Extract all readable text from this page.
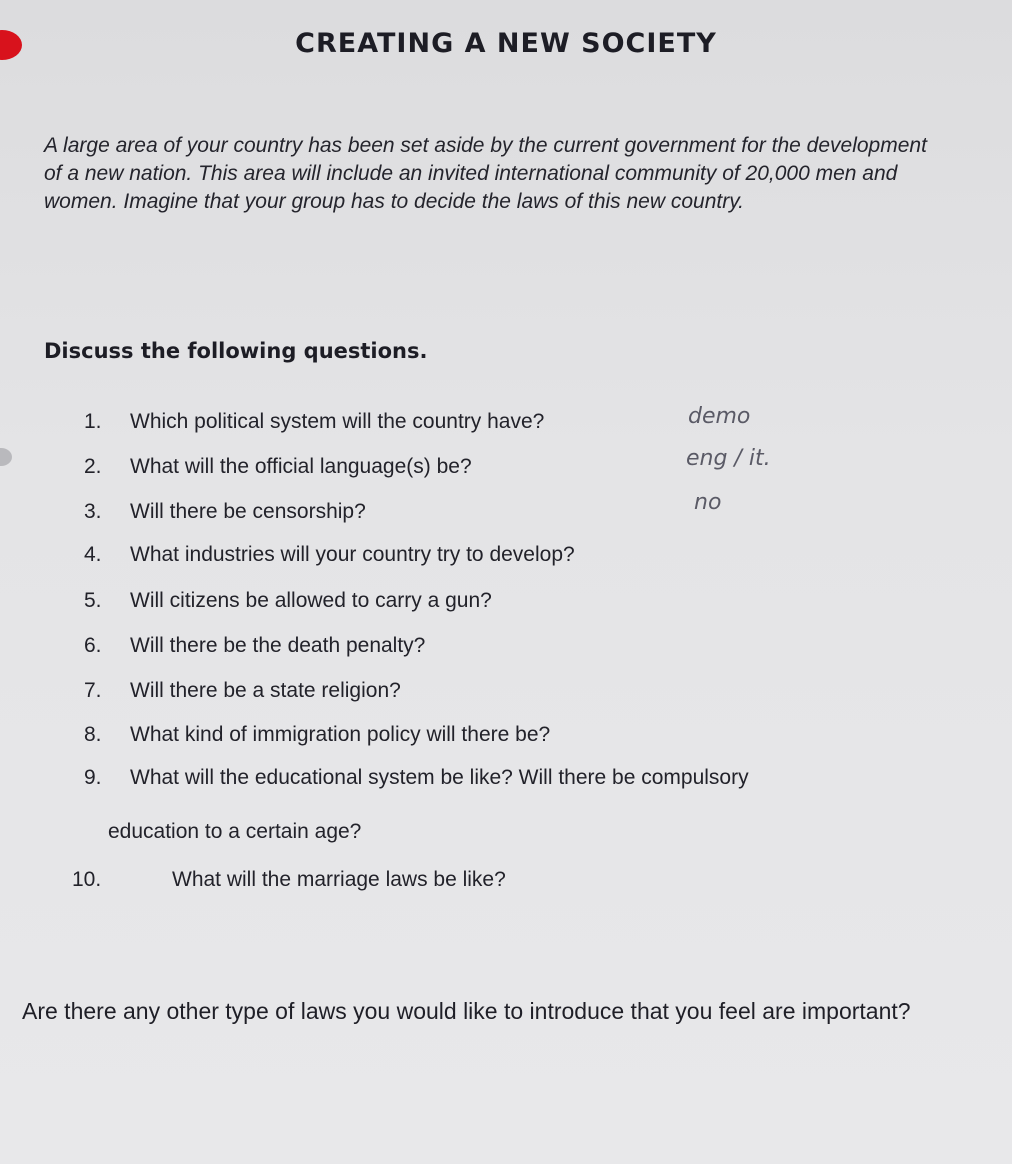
CREATING A NEW SOCIETY
A large area of your country has been set aside by the current government for the development of a new nation. This area will include an invited international community of 20,000 men and women. Imagine that your group has to decide the laws of this new country.
Discuss the following questions.
1. Which political system will the country have?	demo
2. What will the official language(s) be?	eng / it.
3. Will there be censorship?	no
4. What industries will your country try to develop?
5. Will citizens be allowed to carry a gun?
6. Will there be the death penalty?
7. Will there be a state religion?
8. What kind of immigration policy will there be?
9. What will the educational system be like? Will there be compulsory
education to a certain age?
10.	What will the marriage laws be like?
Are there any other type of laws you would like to introduce that you feel are important?
